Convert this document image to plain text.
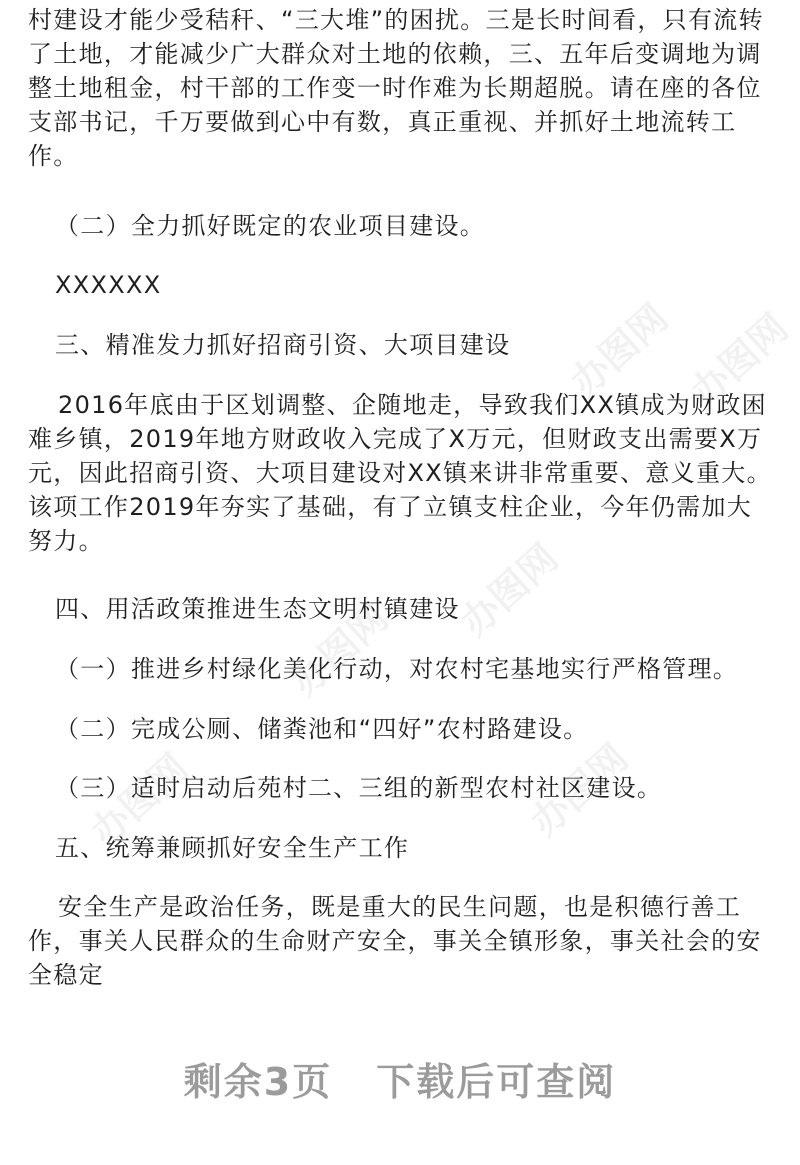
办图网 办图网
办图网
办图网
办图网
办图网

村建设才能少受秸秆、“三大堆”的困扰。三是长时间看，只有流转了土地，才能减少广大群众对土地的依赖，三、五年后变调地为调整土地租金，村干部的工作变一时作难为长期超脱。请在座的各位支部书记，千万要做到心中有数，真正重视、并抓好土地流转工作。

（二）全力抓好既定的农业项目建设。

XXXXXX

三、精准发力抓好招商引资、大项目建设

2016年底由于区划调整、企随地走，导致我们XX镇成为财政困难乡镇，2019年地方财政收入完成了X万元，但财政支出需要X万元，因此招商引资、大项目建设对XX镇来讲非常重要、意义重大。该项工作2019年夯实了基础，有了立镇支柱企业，今年仍需加大努力。

四、用活政策推进生态文明村镇建设

（一）推进乡村绿化美化行动，对农村宅基地实行严格管理。

（二）完成公厕、储粪池和“四好”农村路建设。

（三）适时启动后苑村二、三组的新型农村社区建设。

五、统筹兼顾抓好安全生产工作

安全生产是政治任务，既是重大的民生问题，也是积德行善工作，事关人民群众的生命财产安全，事关全镇形象，事关社会的安全稳定

剩余3页 下载后可查阅
